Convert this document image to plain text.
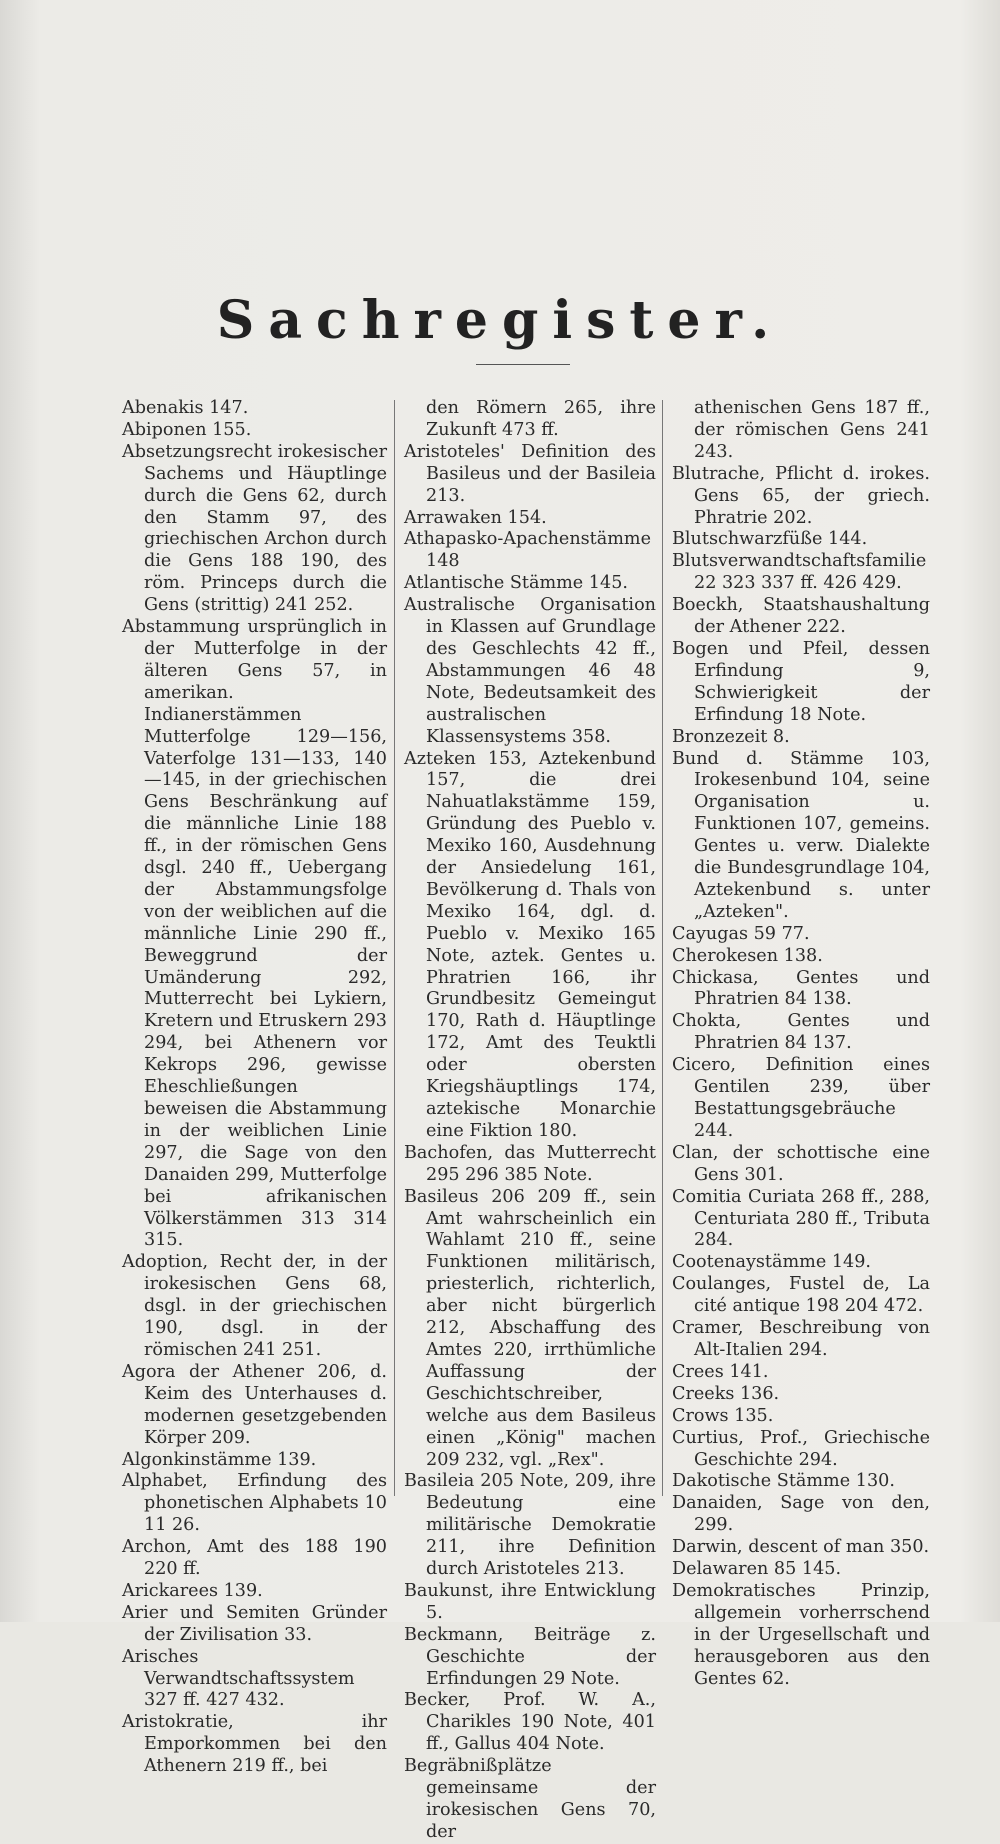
Sachregister.

Abenakis 147.

Abiponen 155.

Absetzungsrecht irokesischer Sachems und Häuptlinge durch die Gens 62, durch den Stamm 97, des griechischen Archon durch die Gens 188 190, des röm. Princeps durch die Gens (strittig) 241 252.

Abstammung ursprünglich in der Mutterfolge in der älteren Gens 57, in amerikan. Indianerstämmen Mutterfolge 129—156, Vaterfolge 131—133, 140—145, in der griechischen Gens Beschränkung auf die männliche Linie 188 ff., in der römischen Gens dsgl. 240 ff., Uebergang der Abstammungsfolge von der weiblichen auf die männliche Linie 290 ff., Beweggrund der Umänderung 292, Mutterrecht bei Lykiern, Kretern und Etruskern 293 294, bei Athenern vor Kekrops 296, gewisse Eheschließungen beweisen die Abstammung in der weiblichen Linie 297, die Sage von den Danaiden 299, Mutterfolge bei afrikanischen Völkerstämmen 313 314 315.

Adoption, Recht der, in der irokesischen Gens 68, dsgl. in der griechischen 190, dsgl. in der römischen 241 251.

Agora der Athener 206, d. Keim des Unterhauses d. modernen gesetzgebenden Körper 209.

Algonkinstämme 139.

Alphabet, Erfindung des phonetischen Alphabets 10 11 26.

Archon, Amt des 188 190 220 ff.

Arickarees 139.

Arier und Semiten Gründer der Zivilisation 33.

Arisches Verwandtschaftssystem 327 ff. 427 432.

Aristokratie, ihr Emporkommen bei den Athenern 219 ff., bei

den Römern 265, ihre Zukunft 473 ff.

Aristoteles' Definition des Basileus und der Basileia 213.

Arrawaken 154.

Athapasko-Apachenstämme 148

Atlantische Stämme 145.

Australische Organisation in Klassen auf Grundlage des Geschlechts 42 ff., Abstammungen 46 48 Note, Bedeutsamkeit des australischen Klassensystems 358.

Azteken 153, Aztekenbund 157, die drei Nahuatlakstämme 159, Gründung des Pueblo v. Mexiko 160, Ausdehnung der Ansiedelung 161, Bevölkerung d. Thals von Mexiko 164, dgl. d. Pueblo v. Mexiko 165 Note, aztek. Gentes u. Phratrien 166, ihr Grundbesitz Gemeingut 170, Rath d. Häuptlinge 172, Amt des Teuktli oder obersten Kriegshäuptlings 174, aztekische Monarchie eine Fiktion 180.

Bachofen, das Mutterrecht 295 296 385 Note.

Basileus 206 209 ff., sein Amt wahrscheinlich ein Wahlamt 210 ff., seine Funktionen militärisch, priesterlich, richterlich, aber nicht bürgerlich 212, Abschaffung des Amtes 220, irrthümliche Auffassung der Geschichtschreiber, welche aus dem Basileus einen „König" machen 209 232, vgl. „Rex".

Basileia 205 Note, 209, ihre Bedeutung eine militärische Demokratie 211, ihre Definition durch Aristoteles 213.

Baukunst, ihre Entwicklung 5.

Beckmann, Beiträge z. Geschichte der Erfindungen 29 Note.

Becker, Prof. W. A., Charikles 190 Note, 401 ff., Gallus 404 Note.

Begräbnißplätze gemeinsame der irokesischen Gens 70, der

athenischen Gens 187 ff., der römischen Gens 241 243.

Blutrache, Pflicht d. irokes. Gens 65, der griech. Phratrie 202.

Blutschwarzfüße 144.

Blutsverwandtschaftsfamilie 22 323 337 ff. 426 429.

Boeckh, Staatshaushaltung der Athener 222.

Bogen und Pfeil, dessen Erfindung 9, Schwierigkeit der Erfindung 18 Note.

Bronzezeit 8.

Bund d. Stämme 103, Irokesenbund 104, seine Organisation u. Funktionen 107, gemeins. Gentes u. verw. Dialekte die Bundesgrundlage 104, Aztekenbund s. unter „Azteken".

Cayugas 59 77.

Cherokesen 138.

Chickasa, Gentes und Phratrien 84 138.

Chokta, Gentes und Phratrien 84 137.

Cicero, Definition eines Gentilen 239, über Bestattungsgebräuche 244.

Clan, der schottische eine Gens 301.

Comitia Curiata 268 ff., 288, Centuriata 280 ff., Tributa 284.

Cootenaystämme 149.

Coulanges, Fustel de, La cité antique 198 204 472.

Cramer, Beschreibung von Alt-Italien 294.

Crees 141.

Creeks 136.

Crows 135.

Curtius, Prof., Griechische Geschichte 294.

Dakotische Stämme 130.

Danaiden, Sage von den, 299.

Darwin, descent of man 350.

Delawaren 85 145.

Demokratisches Prinzip, allgemein vorherrschend in der Urgesellschaft und herausgeboren aus den Gentes 62.
